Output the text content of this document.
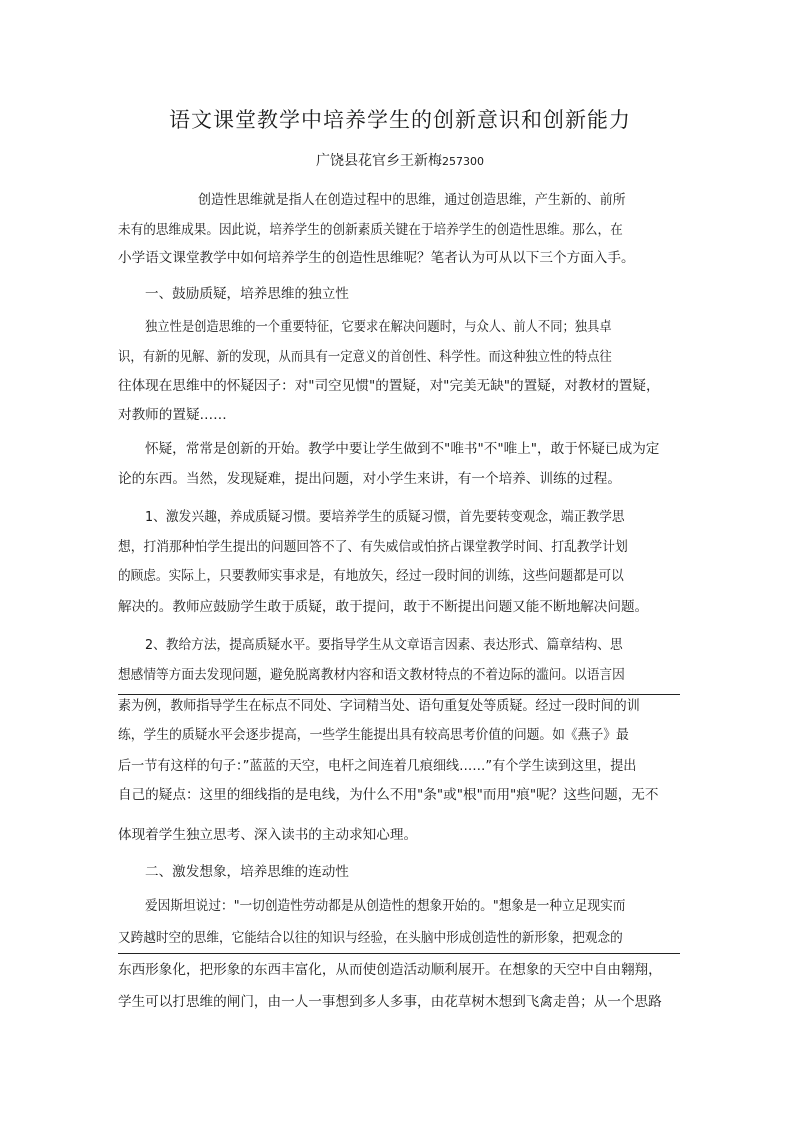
语文课堂教学中培养学生的创新意识和创新能力
广饶县花官乡王新梅257300
创造性思维就是指人在创造过程中的思维，通过创造思维，产生新的、前所
未有的思维成果。因此说，培养学生的创新素质关键在于培养学生的创造性思维。那么，在
小学语文课堂教学中如何培养学生的创造性思维呢？笔者认为可从以下三个方面入手。
一、鼓励质疑，培养思维的独立性
独立性是创造思维的一个重要特征，它要求在解决问题时，与众人、前人不同；独具卓
识，有新的见解、新的发现，从而具有一定意义的首创性、科学性。而这种独立性的特点往
往体现在思维中的怀疑因子：对"司空见惯"的置疑，对"完美无缺"的置疑，对教材的置疑，
对教师的置疑……
怀疑，常常是创新的开始。教学中要让学生做到不"唯书"不"唯上"，敢于怀疑已成为定
论的东西。当然，发现疑难，提出问题，对小学生来讲，有一个培养、训练的过程。
1、激发兴趣，养成质疑习惯。要培养学生的质疑习惯，首先要转变观念，端正教学思
想，打消那种怕学生提出的问题回答不了、有失威信或怕挤占课堂教学时间、打乱教学计划
的顾虑。实际上，只要教师实事求是，有地放矢，经过一段时间的训练，这些问题都是可以
解决的。教师应鼓励学生敢于质疑，敢于提问，敢于不断提出问题又能不断地解决问题。
2、教给方法，提高质疑水平。要指导学生从文章语言因素、表达形式、篇章结构、思
想感情等方面去发现问题，避免脱离教材内容和语文教材特点的不着边际的滥问。以语言因
素为例，教师指导学生在标点不同处、字词精当处、语句重复处等质疑。经过一段时间的训
练，学生的质疑水平会逐步提高，一些学生能提出具有较高思考价值的问题。如《燕子》最
后一节有这样的句子：”蓝蓝的天空，电杆之间连着几痕细线……”有个学生读到这里，提出
自己的疑点：这里的细线指的是电线，为什么不用"条"或"根"而用"痕"呢？这些问题，无不
体现着学生独立思考、深入读书的主动求知心理。
二、激发想象，培养思维的连动性
爱因斯坦说过："一切创造性劳动都是从创造性的想象开始的。"想象是一种立足现实而
又跨越时空的思维，它能结合以往的知识与经验，在头脑中形成创造性的新形象，把观念的
东西形象化，把形象的东西丰富化，从而使创造活动顺利展开。在想象的天空中自由翱翔，
学生可以打思维的闸门，由一人一事想到多人多事，由花草树木想到飞禽走兽；从一个思路
